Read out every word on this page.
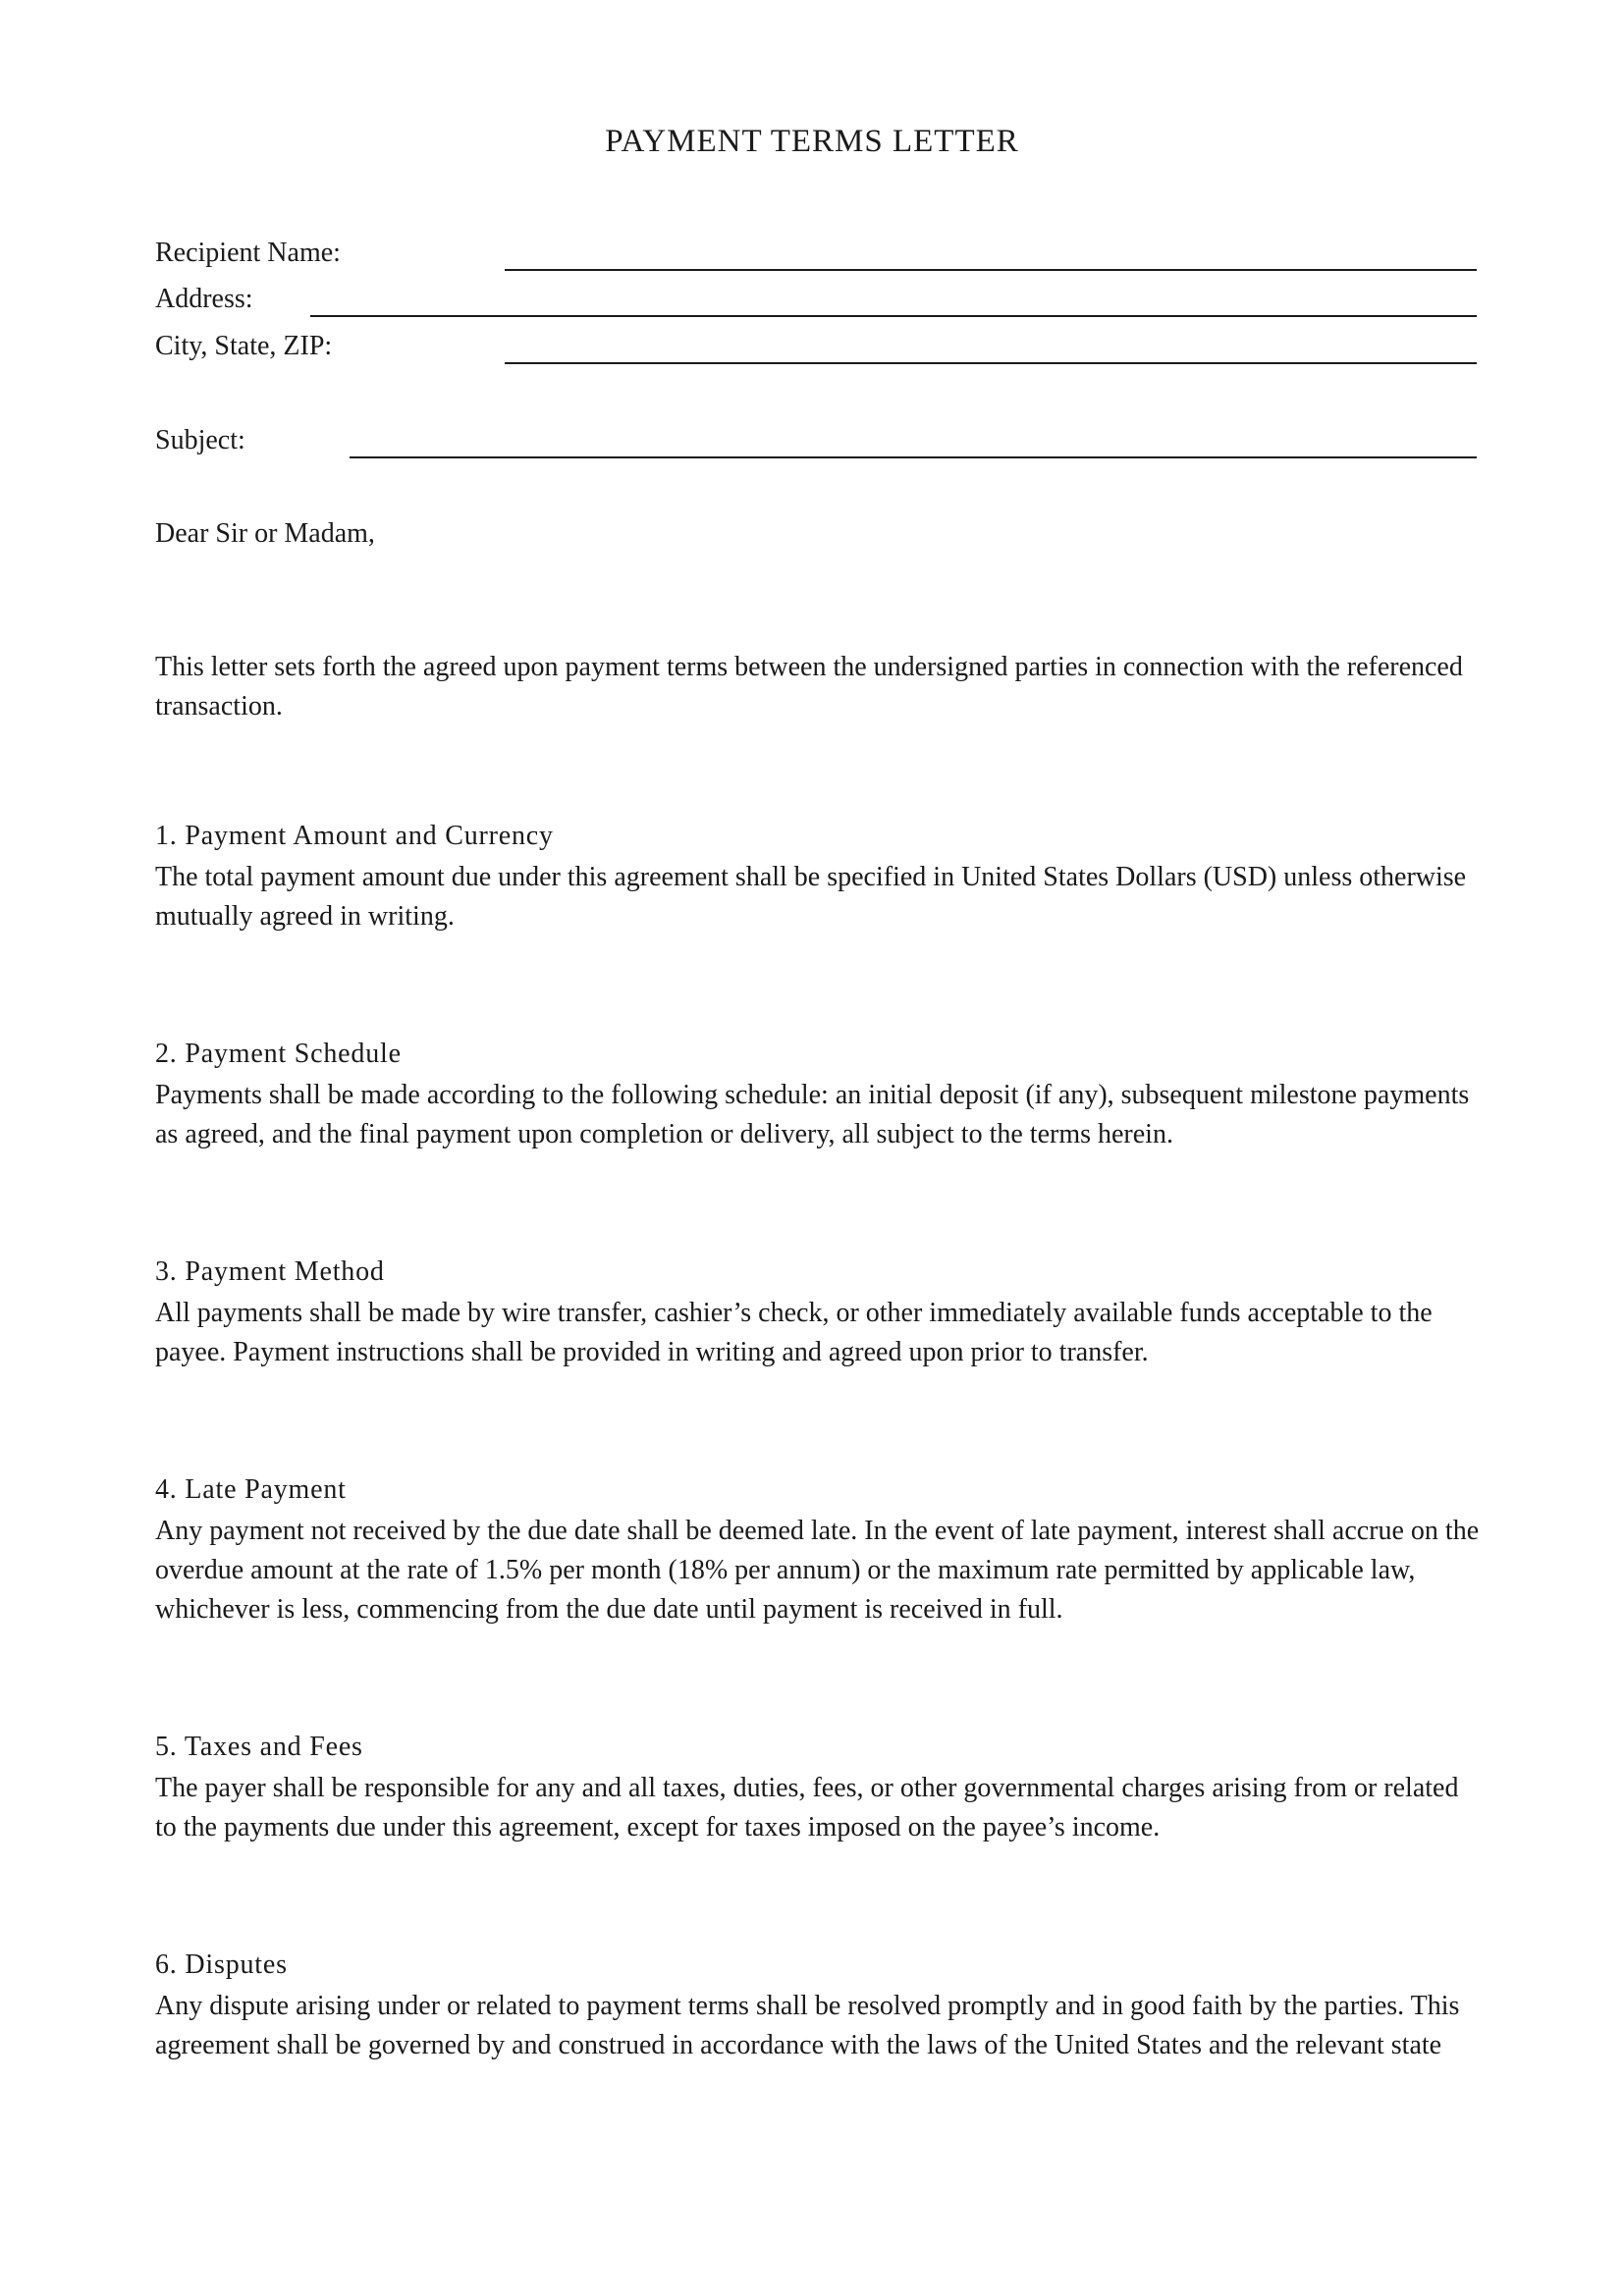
PAYMENT TERMS LETTER
Recipient Name:
Address:
City, State, ZIP:
Subject:
Dear Sir or Madam,

This letter sets forth the agreed upon payment terms between the undersigned parties in connection with the referenced transaction.

1. Payment Amount and Currency

The total payment amount due under this agreement shall be specified in United States Dollars (USD) unless otherwise mutually agreed in writing.

2. Payment Schedule

Payments shall be made according to the following schedule: an initial deposit (if any), subsequent milestone payments as agreed, and the final payment upon completion or delivery, all subject to the terms herein.

3. Payment Method

All payments shall be made by wire transfer, cashier’s check, or other immediately available funds acceptable to the payee. Payment instructions shall be provided in writing and agreed upon prior to transfer.

4. Late Payment

Any payment not received by the due date shall be deemed late. In the event of late payment, interest shall accrue on the overdue amount at the rate of 1.5% per month (18% per annum) or the maximum rate permitted by applicable law, whichever is less, commencing from the due date until payment is received in full.

5. Taxes and Fees

The payer shall be responsible for any and all taxes, duties, fees, or other governmental charges arising from or related to the payments due under this agreement, except for taxes imposed on the payee’s income.

6. Disputes

Any dispute arising under or related to payment terms shall be resolved promptly and in good faith by the parties. This agreement shall be governed by and construed in accordance with the laws of the United States and the relevant state
